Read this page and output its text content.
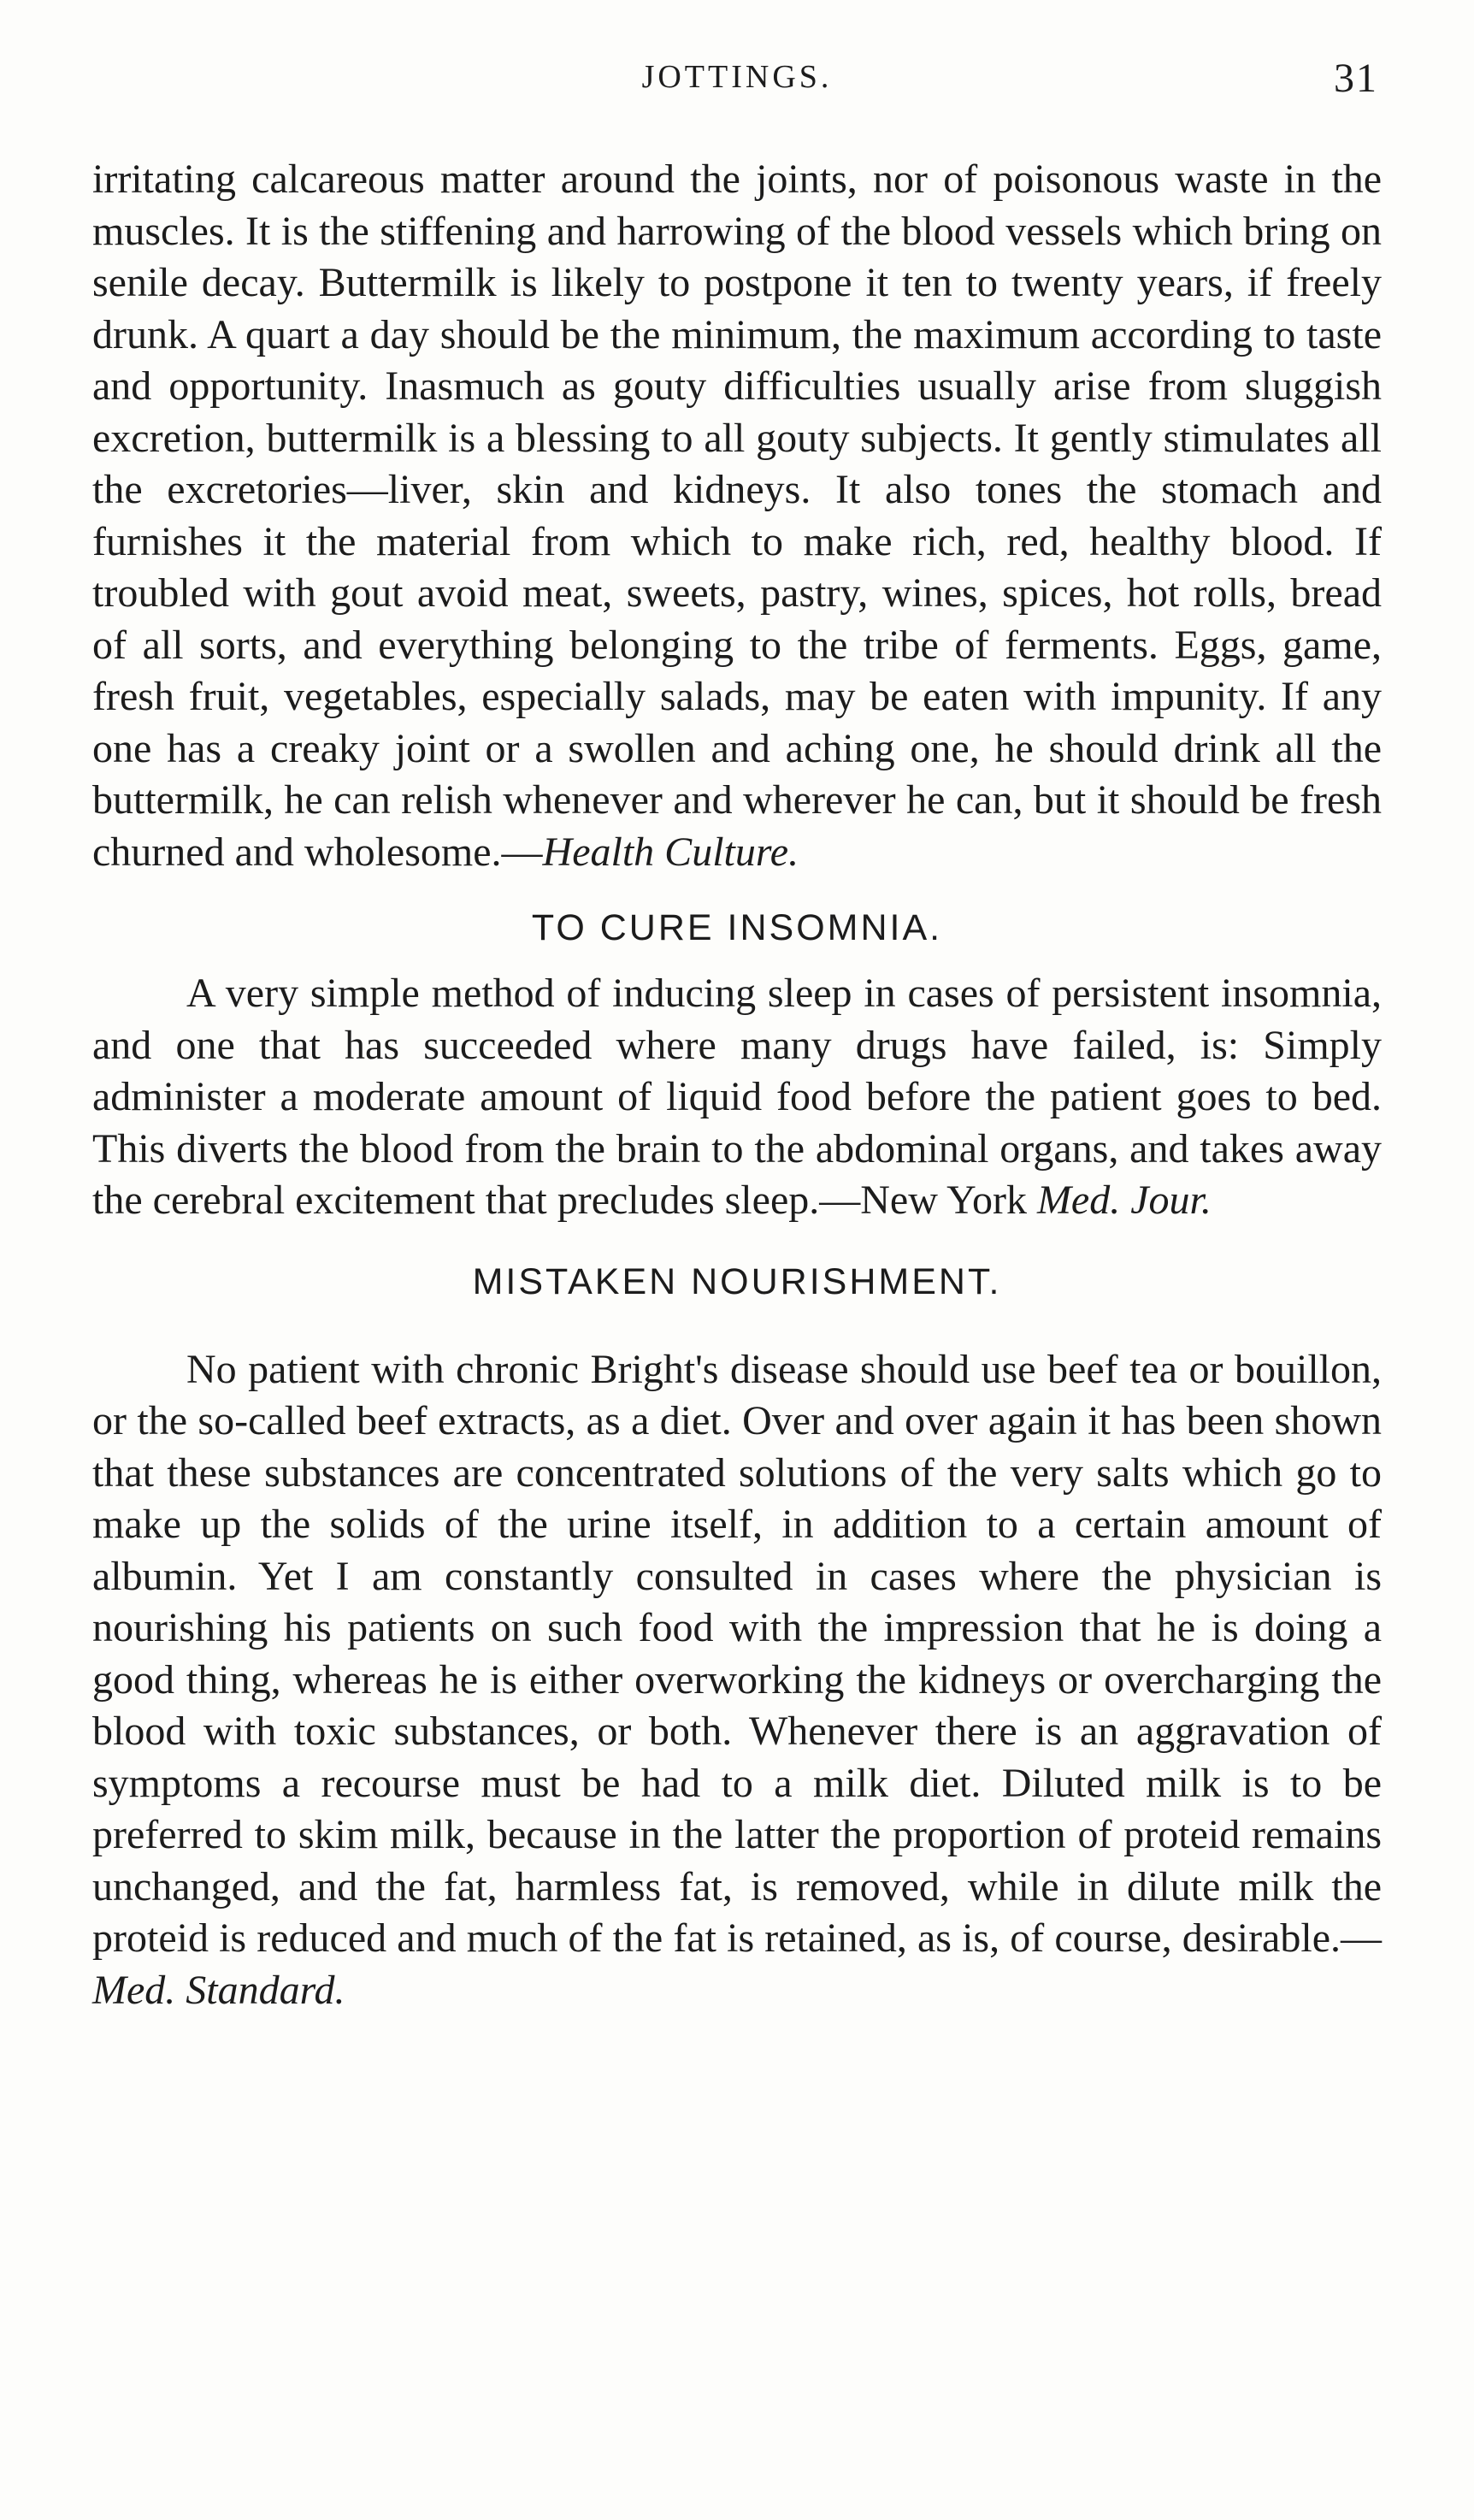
JOTTINGS.	31

irritating calcareous matter around the joints, nor of poisonous waste in the muscles. It is the stiffening and harrowing of the blood vessels which bring on senile decay. Buttermilk is likely to postpone it ten to twenty years, if freely drunk. A quart a day should be the minimum, the maximum according to taste and opportunity. Inasmuch as gouty difficulties usually arise from sluggish excretion, buttermilk is a blessing to all gouty subjects. It gently stimulates all the excretories—liver, skin and kidneys. It also tones the stomach and furnishes it the material from which to make rich, red, healthy blood. If troubled with gout avoid meat, sweets, pastry, wines, spices, hot rolls, bread of all sorts, and everything belonging to the tribe of ferments. Eggs, game, fresh fruit, vegetables, especially salads, may be eaten with impunity. If any one has a creaky joint or a swollen and aching one, he should drink all the buttermilk, he can relish whenever and wherever he can, but it should be fresh churned and wholesome.—Health Culture.

TO CURE INSOMNIA.

A very simple method of inducing sleep in cases of persistent insomnia, and one that has succeeded where many drugs have failed, is: Simply administer a moderate amount of liquid food before the patient goes to bed. This diverts the blood from the brain to the abdominal organs, and takes away the cerebral excitement that precludes sleep.—New York Med. Jour.

MISTAKEN NOURISHMENT.

No patient with chronic Bright's disease should use beef tea or bouillon, or the so-called beef extracts, as a diet. Over and over again it has been shown that these substances are concentrated solutions of the very salts which go to make up the solids of the urine itself, in addition to a certain amount of albumin. Yet I am constantly consulted in cases where the physician is nourishing his patients on such food with the impression that he is doing a good thing, whereas he is either overworking the kidneys or overcharging the blood with toxic substances, or both. Whenever there is an aggravation of symptoms a recourse must be had to a milk diet. Diluted milk is to be preferred to skim milk, because in the latter the proportion of proteid remains unchanged, and the fat, harmless fat, is removed, while in dilute milk the proteid is reduced and much of the fat is retained, as is, of course, desirable.—Med. Standard.
